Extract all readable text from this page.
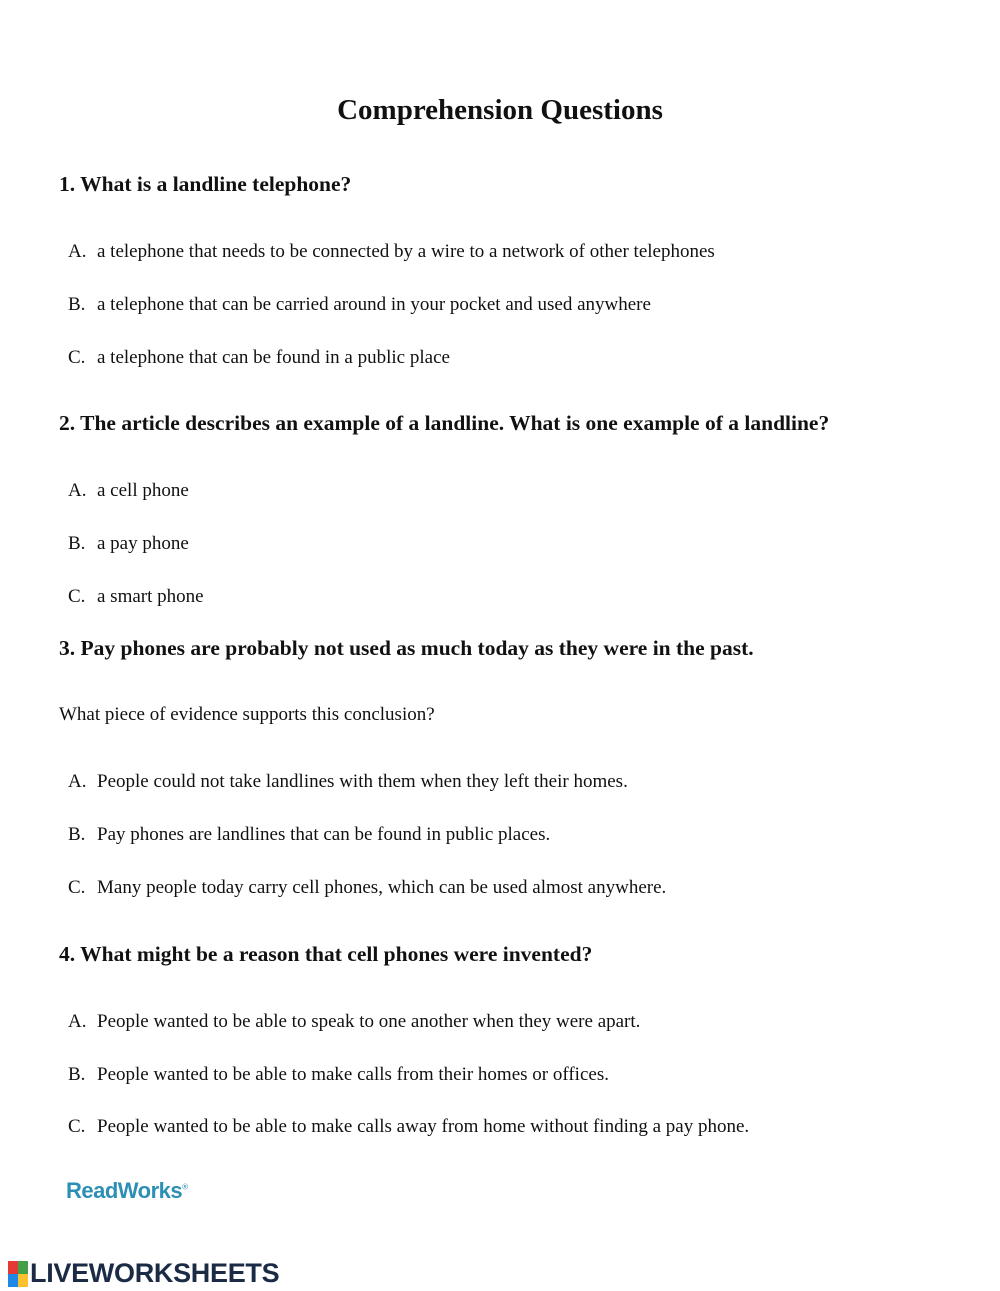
Comprehension Questions
1. What is a landline telephone?
A. a telephone that needs to be connected by a wire to a network of other telephones
B. a telephone that can be carried around in your pocket and used anywhere
C. a telephone that can be found in a public place
2. The article describes an example of a landline. What is one example of a landline?
A. a cell phone
B. a pay phone
C. a smart phone
3. Pay phones are probably not used as much today as they were in the past.
What piece of evidence supports this conclusion?
A. People could not take landlines with them when they left their homes.
B. Pay phones are landlines that can be found in public places.
C. Many people today carry cell phones, which can be used almost anywhere.
4. What might be a reason that cell phones were invented?
A. People wanted to be able to speak to one another when they were apart.
B. People wanted to be able to make calls from their homes or offices.
C. People wanted to be able to make calls away from home without finding a pay phone.
ReadWorks®
LIVEWORKSHEETS
